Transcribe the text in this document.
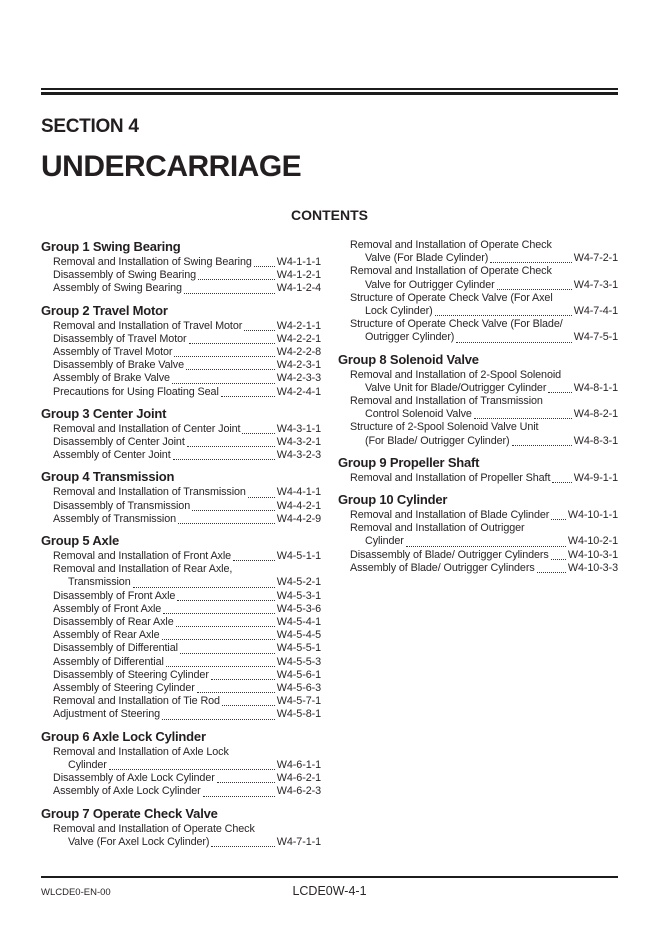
SECTION 4
UNDERCARRIAGE
CONTENTS
Group 1 Swing Bearing
Removal and Installation of Swing Bearing W4-1-1-1
Disassembly of Swing Bearing	W4-1-2-1
Assembly of Swing Bearing	W4-1-2-4
Group 2 Travel Motor
Removal and Installation of Travel Motor	W4-2-1-1
Disassembly of Travel Motor	W4-2-2-1
Assembly of Travel Motor	W4-2-2-8
Disassembly of Brake Valve	W4-2-3-1
Assembly of Brake Valve	W4-2-3-3
Precautions for Using Floating Seal	W4-2-4-1
Group 3 Center Joint
Removal and Installation of Center Joint	W4-3-1-1
Disassembly of Center Joint	W4-3-2-1
Assembly of Center Joint	W4-3-2-3
Group 4 Transmission
Removal and Installation of Transmission	W4-4-1-1
Disassembly of Transmission	W4-4-2-1
Assembly of Transmission	W4-4-2-9
Group 5 Axle
Removal and Installation of Front Axle	W4-5-1-1
Removal and Installation of Rear Axle,
Transmission	W4-5-2-1
Disassembly of Front Axle	W4-5-3-1
Assembly of Front Axle	W4-5-3-6
Disassembly of Rear Axle	W4-5-4-1
Assembly of Rear Axle	W4-5-4-5
Disassembly of Differential	W4-5-5-1
Assembly of Differential	W4-5-5-3
Disassembly of Steering Cylinder	W4-5-6-1
Assembly of Steering Cylinder	W4-5-6-3
Removal and Installation of Tie Rod	W4-5-7-1
Adjustment of Steering	W4-5-8-1
Group 6 Axle Lock Cylinder
Removal and Installation of Axle Lock
Cylinder	W4-6-1-1
Disassembly of Axle Lock Cylinder	W4-6-2-1
Assembly of Axle Lock Cylinder	W4-6-2-3
Group 7 Operate Check Valve
Removal and Installation of Operate Check
Valve (For Axel Lock Cylinder)	W4-7-1-1
Removal and Installation of Operate Check
Valve (For Blade Cylinder)	W4-7-2-1
Removal and Installation of Operate Check
Valve for Outrigger Cylinder	W4-7-3-1
Structure of Operate Check Valve (For Axel
Lock Cylinder)	W4-7-4-1
Structure of Operate Check Valve (For Blade/
Outrigger Cylinder)	W4-7-5-1
Group 8 Solenoid Valve
Removal and Installation of 2-Spool Solenoid
Valve Unit for Blade/Outrigger Cylinder	W4-8-1-1
Removal and Installation of Transmission
Control Solenoid Valve	W4-8-2-1
Structure of 2-Spool Solenoid Valve Unit
(For Blade/ Outrigger Cylinder)	W4-8-3-1
Group 9 Propeller Shaft
Removal and Installation of Propeller Shaft W4-9-1-1
Group 10 Cylinder
Removal and Installation of Blade Cylinder W4-10-1-1
Removal and Installation of Outrigger
Cylinder	W4-10-2-1
Disassembly of Blade/ Outrigger Cylinders W4-10-3-1
Assembly of Blade/ Outrigger Cylinders	W4-10-3-3
WLCDE0-EN-00	LCDE0W-4-1
